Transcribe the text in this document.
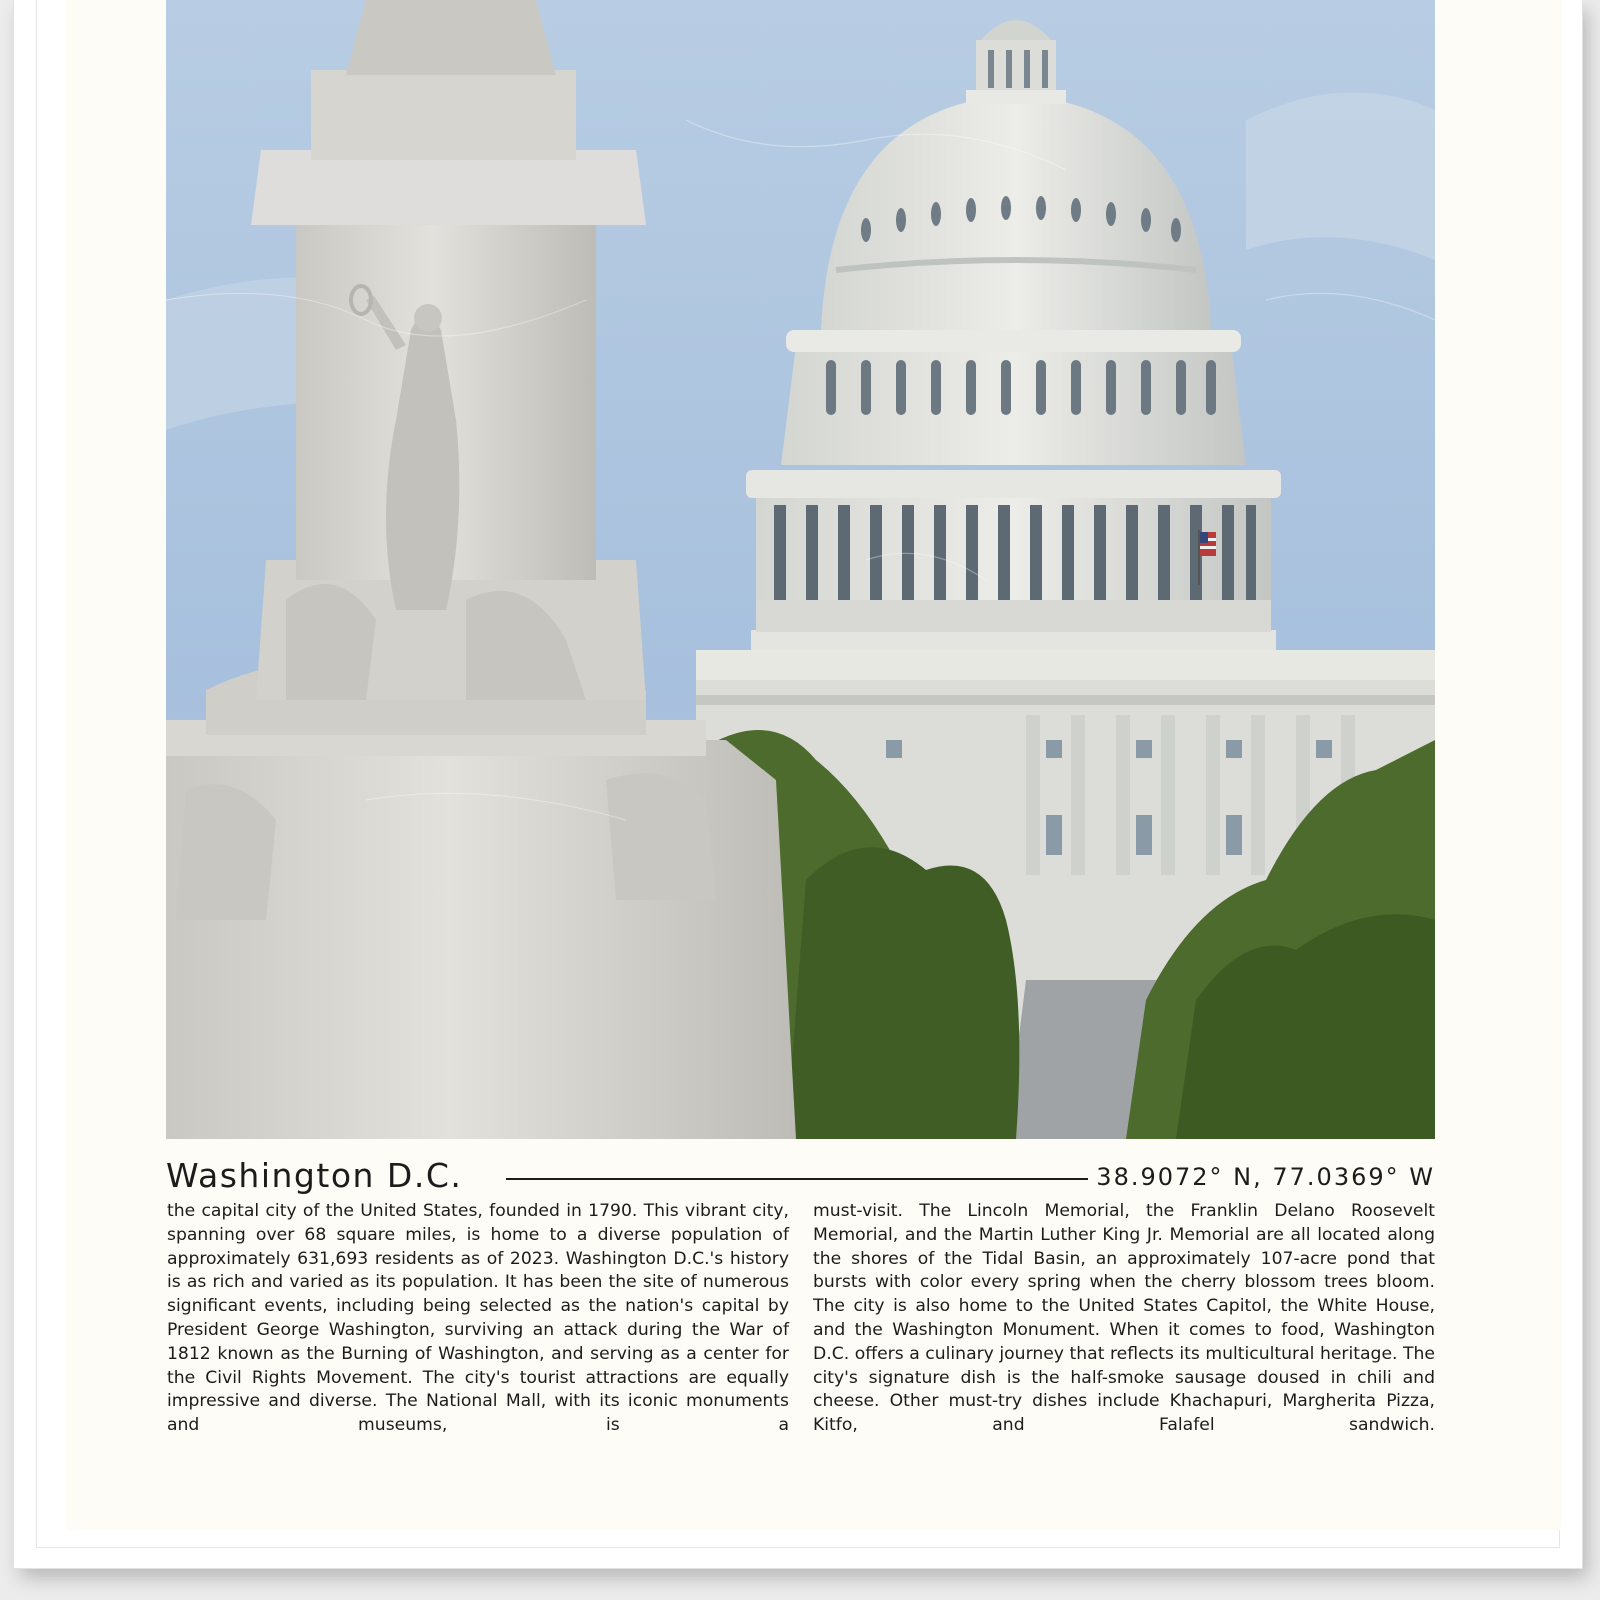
Washington D.C.	38.9072° N, 77.0369° W
the capital city of the United States, founded in 1790. This vibrant city, spanning over 68 square miles, is home to a diverse population of approximately 631,693 residents as of 2023. Washington D.C.'s history is as rich and varied as its population. It has been the site of numerous significant events, including being selected as the nation's capital by President George Washington, surviving an attack during the War of 1812 known as the Burning of Washington, and serving as a center for the Civil Rights Movement. The city's tourist attractions are equally impressive and diverse. The National Mall, with its iconic monuments and museums, is a
must-visit. The Lincoln Memorial, the Franklin Delano Roosevelt Memorial, and the Martin Luther King Jr. Memorial are all located along the shores of the Tidal Basin, an approximately 107-acre pond that bursts with color every spring when the cherry blossom trees bloom. The city is also home to the United States Capitol, the White House, and the Washington Monument. When it comes to food, Washington D.C. offers a culinary journey that reflects its multicultural heritage. The city's signature dish is the half-smoke sausage doused in chili and cheese. Other must-try dishes include Khachapuri, Margherita Pizza, Kitfo, and Falafel sandwich.
